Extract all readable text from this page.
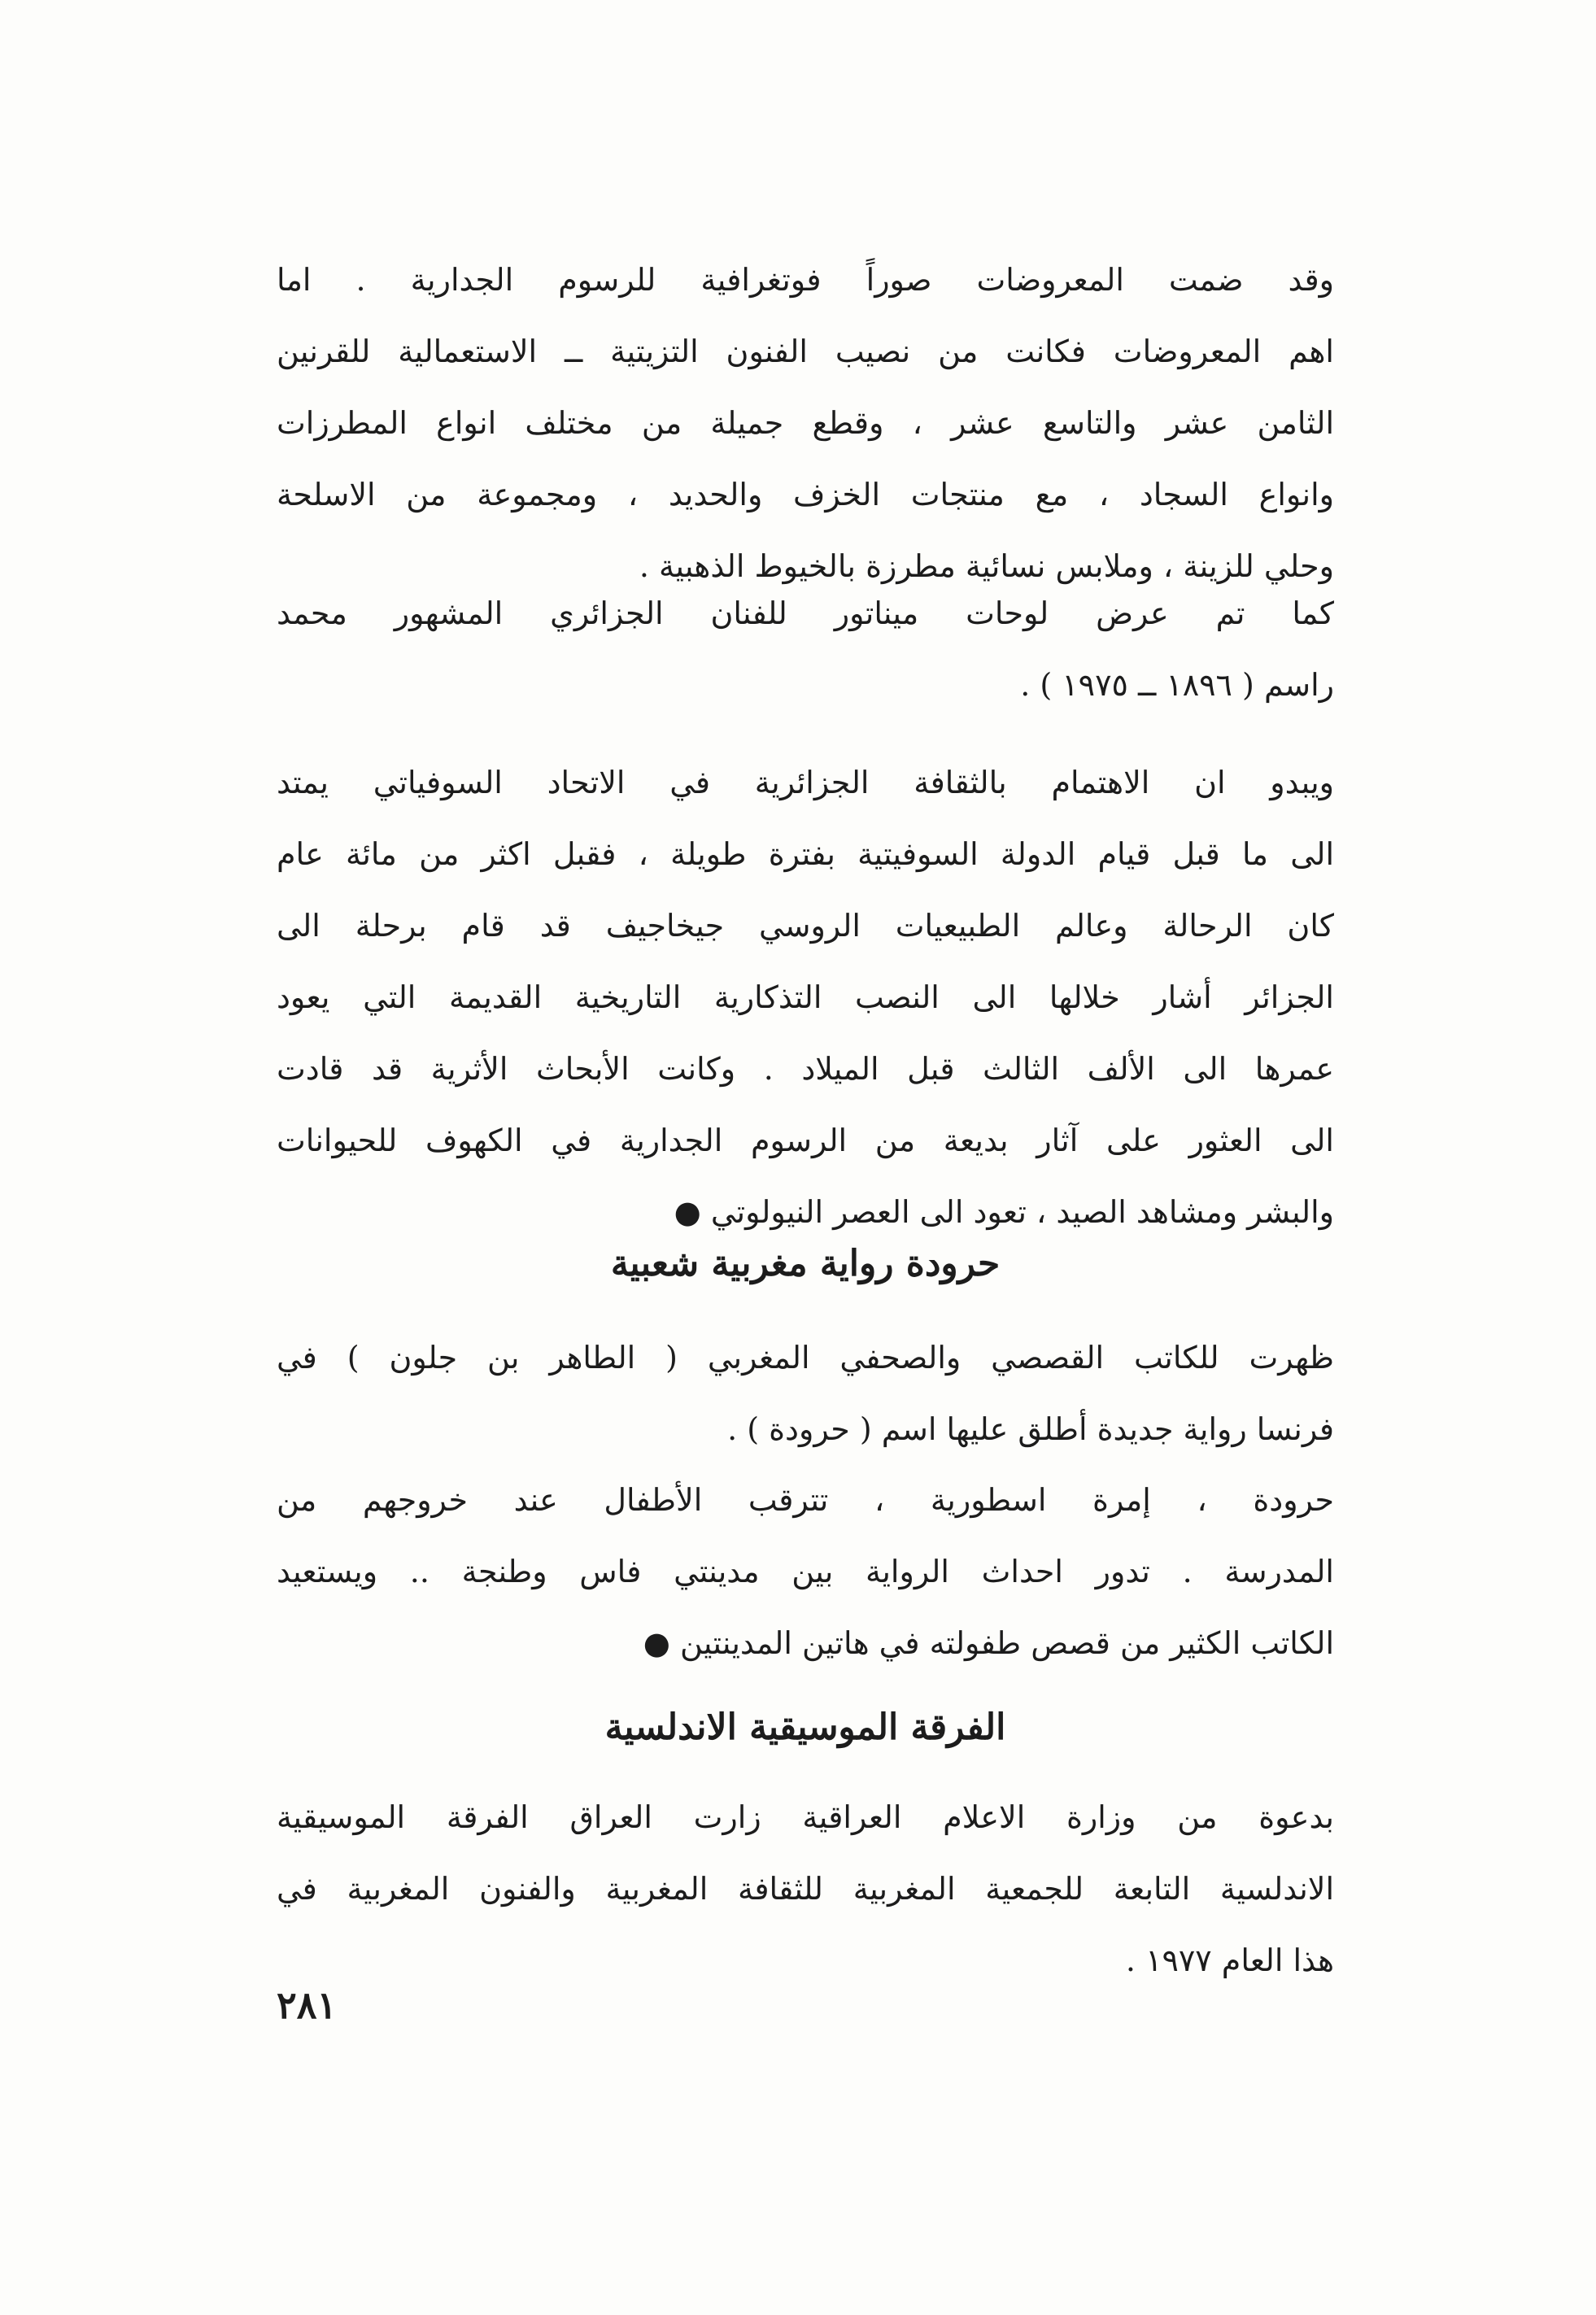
وقد ضمت المعروضات صوراً فوتغرافية للرسوم الجدارية . اما
اهم المعروضات فكانت من نصيب الفنون التزيتية ــ الاستعمالية للقرنين
الثامن عشر والتاسع عشر ، وقطع جميلة من مختلف انواع المطرزات
وانواع السجاد ، مع منتجات الخزف والحديد ، ومجموعة من الاسلحة
وحلي للزينة ، وملابس نسائية مطرزة بالخيوط الذهبية .
كما تم عرض لوحات ميناتور للفنان الجزائري المشهور محمد
راسم ( ١٨٩٦ ــ ١٩٧٥ ) .
ويبدو ان الاهتمام بالثقافة الجزائرية في الاتحاد السوفياتي يمتد
الى ما قبل قيام الدولة السوفيتية بفترة طويلة ، فقبل اكثر من مائة عام
كان الرحالة وعالم الطبيعيات الروسي جيخاجيف قد قام برحلة الى
الجزائر أشار خلالها الى النصب التذكارية التاريخية القديمة التي يعود
عمرها الى الألف الثالث قبل الميلاد . وكانت الأبحاث الأثرية قد قادت
الى العثور على آثار بديعة من الرسوم الجدارية في الكهوف للحيوانات
والبشر ومشاهد الصيد ، تعود الى العصر النيولوتي ●
حرودة رواية مغربية شعبية
ظهرت للكاتب القصصي والصحفي المغربي ( الطاهر بن جلون ) في
فرنسا رواية جديدة أطلق عليها اسم ( حرودة ) .
حرودة ، إمرة اسطورية ، تترقب الأطفال عند خروجهم من
المدرسة . تدور احداث الرواية بين مدينتي فاس وطنجة .. ويستعيد
الكاتب الكثير من قصص طفولته في هاتين المدينتين ●
الفرقة الموسيقية الاندلسية
بدعوة من وزارة الاعلام العراقية زارت العراق الفرقة الموسيقية
الاندلسية التابعة للجمعية المغربية للثقافة المغربية والفنون المغربية في
هذا العام ١٩٧٧ .
٢٨١
